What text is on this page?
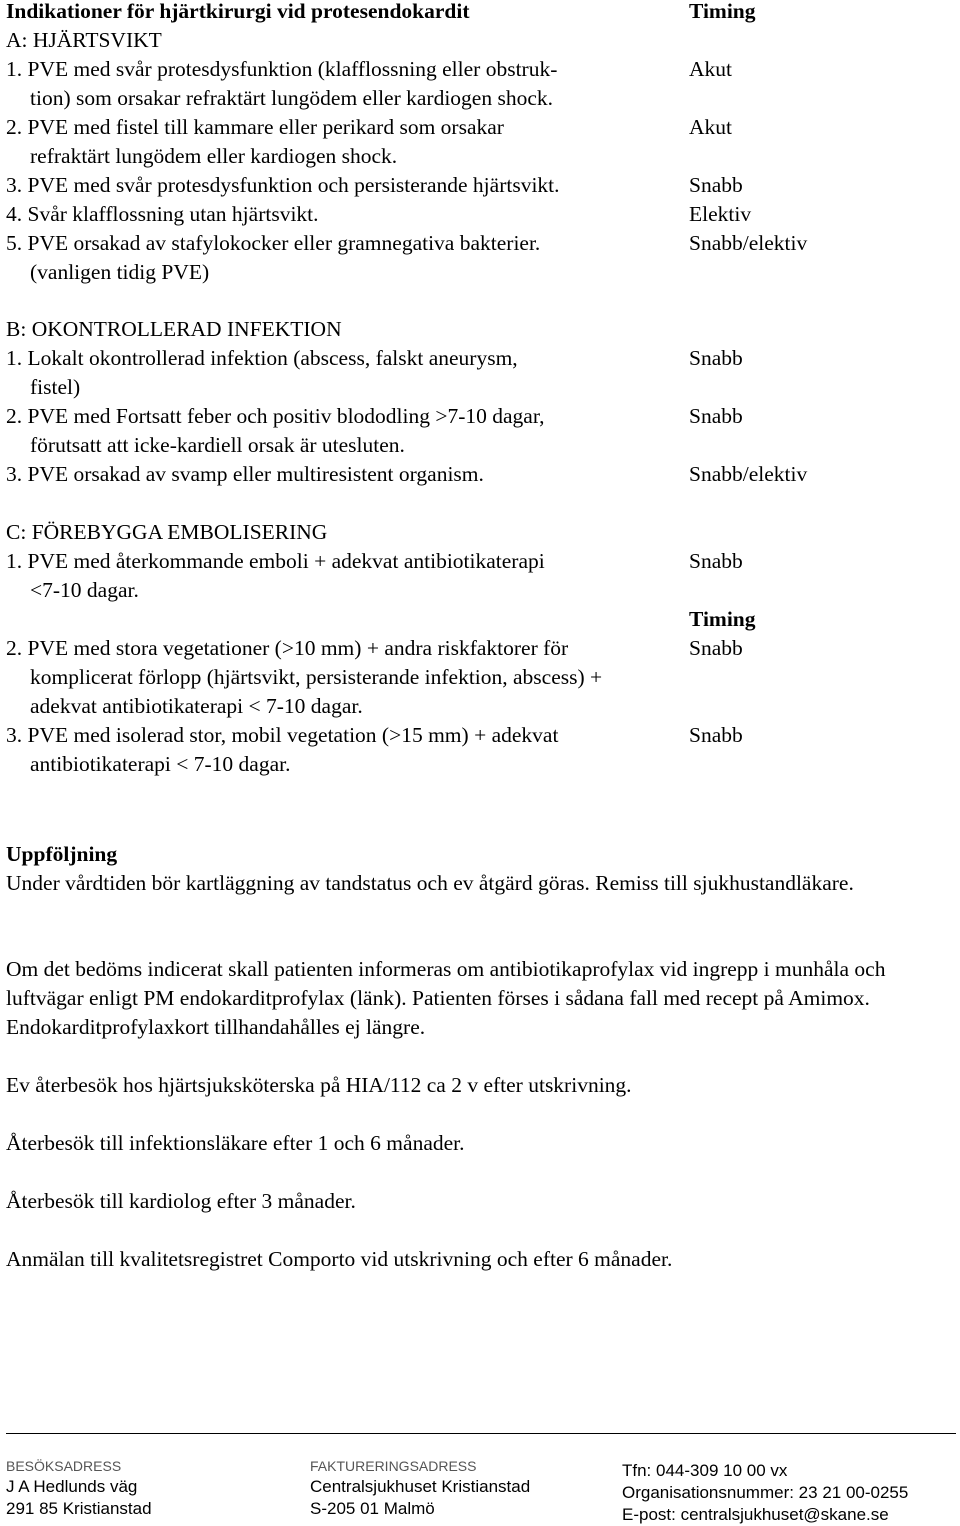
Indikationer för hjärtkirurgi vid protesendokardit	Timing
A: HJÄRTSVIKT
1. PVE med svår protesdysfunktion (klafflossning eller obstruk-	Akut
tion) som orsakar refraktärt lungödem eller kardiogen shock.
2. PVE med fistel till kammare eller perikard som orsakar	Akut
refraktärt lungödem eller kardiogen shock.
3. PVE med svår protesdysfunktion och persisterande hjärtsvikt.	Snabb
4. Svår klafflossning utan hjärtsvikt.	Elektiv
5. PVE orsakad av stafylokocker eller gramnegativa bakterier.	Snabb/elektiv
(vanligen tidig PVE)
B: OKONTROLLERAD INFEKTION
1. Lokalt okontrollerad infektion (abscess, falskt aneurysm,	Snabb
fistel)
2. PVE med Fortsatt feber och positiv blododling >7-10 dagar,	Snabb
förutsatt att icke-kardiell orsak är utesluten.
3. PVE orsakad av svamp eller multiresistent organism.	Snabb/elektiv
C: FÖREBYGGA EMBOLISERING
1. PVE med återkommande emboli + adekvat antibiotikaterapi	Snabb
<7-10 dagar.
Timing
2. PVE med stora vegetationer (>10 mm) + andra riskfaktorer för	Snabb
komplicerat förlopp (hjärtsvikt, persisterande infektion, abscess) +
adekvat antibiotikaterapi < 7-10 dagar.
3. PVE med isolerad stor, mobil vegetation (>15 mm) + adekvat	Snabb
antibiotikaterapi < 7-10 dagar.
Uppföljning
Under vårdtiden bör kartläggning av tandstatus och ev åtgärd göras. Remiss till sjukhustandläkare.
Om det bedöms indicerat skall patienten informeras om antibiotikaprofylax vid ingrepp i munhåla och luftvägar enligt PM endokarditprofylax (länk). Patienten förses i sådana fall med recept på Amimox. Endokarditprofylaxkort tillhandahålles ej längre.
Ev återbesök hos hjärtsjuksköterska på HIA/112 ca 2 v efter utskrivning.
Återbesök till infektionsläkare efter 1 och 6 månader.
Återbesök till kardiolog efter 3 månader.
Anmälan till kvalitetsregistret Comporto vid utskrivning och efter 6 månader.
BESÖKSADRESS
J A Hedlunds väg
291 85 Kristianstad
FAKTURERINGSADRESS
Centralsjukhuset Kristianstad
S-205 01 Malmö
Tfn: 044-309 10 00 vx
Organisationsnummer: 23 21 00-0255
E-post: centralsjukhuset@skane.se
